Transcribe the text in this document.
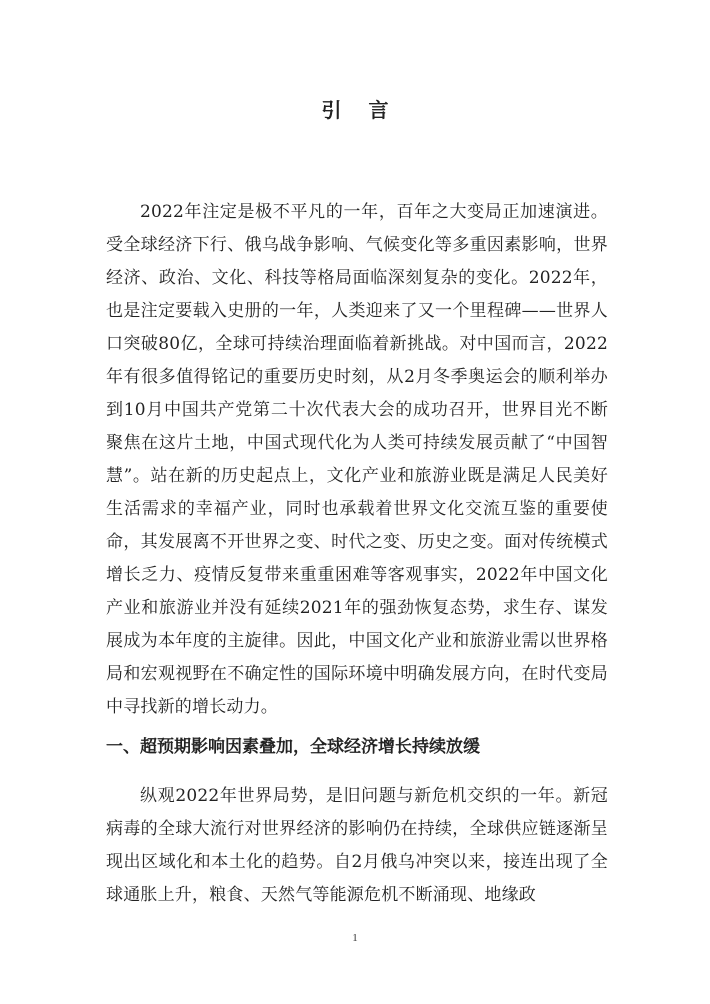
引 言

2022年注定是极不平凡的一年，百年之大变局正加速演进。受全球经济下行、俄乌战争影响、气候变化等多重因素影响，世界经济、政治、文化、科技等格局面临深刻复杂的变化。2022年，也是注定要载入史册的一年，人类迎来了又一个里程碑——世界人口突破80亿，全球可持续治理面临着新挑战。对中国而言，2022年有很多值得铭记的重要历史时刻，从2月冬季奥运会的顺利举办到10月中国共产党第二十次代表大会的成功召开，世界目光不断聚焦在这片土地，中国式现代化为人类可持续发展贡献了“中国智慧”。站在新的历史起点上，文化产业和旅游业既是满足人民美好生活需求的幸福产业，同时也承载着世界文化交流互鉴的重要使命，其发展离不开世界之变、时代之变、历史之变。面对传统模式增长乏力、疫情反复带来重重困难等客观事实，2022年中国文化产业和旅游业并没有延续2021年的强劲恢复态势，求生存、谋发展成为本年度的主旋律。因此，中国文化产业和旅游业需以世界格局和宏观视野在不确定性的国际环境中明确发展方向，在时代变局中寻找新的增长动力。

一、超预期影响因素叠加，全球经济增长持续放缓

纵观2022年世界局势，是旧问题与新危机交织的一年。新冠病毒的全球大流行对世界经济的影响仍在持续，全球供应链逐渐呈现出区域化和本土化的趋势。自2月俄乌冲突以来，接连出现了全球通胀上升，粮食、天然气等能源危机不断涌现、地缘政

1
